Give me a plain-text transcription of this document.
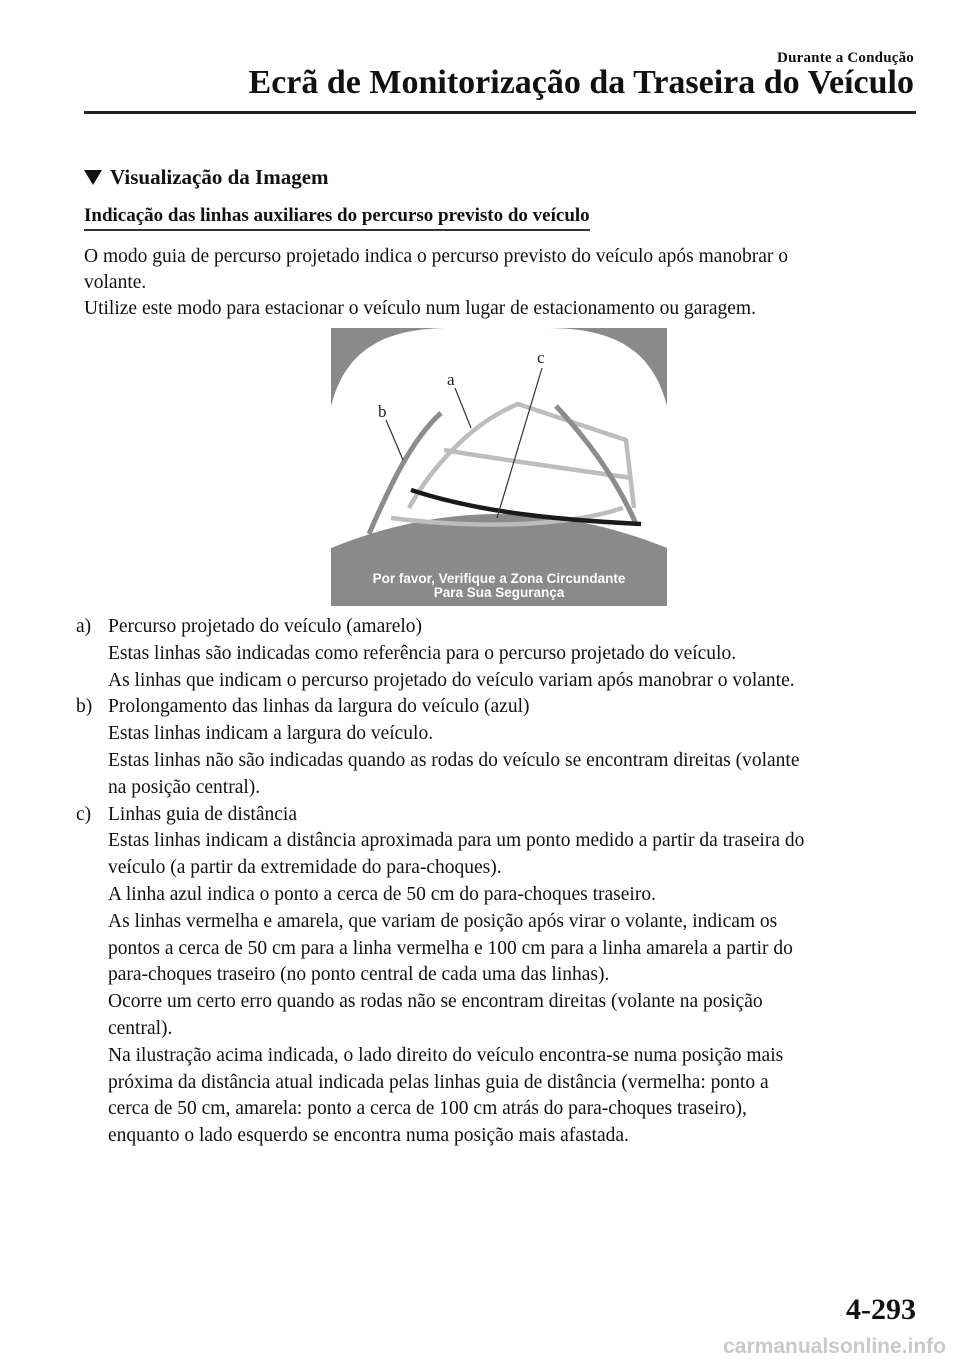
Durante a Condução
Ecrã de Monitorização da Traseira do Veículo
Visualização da Imagem
Indicação das linhas auxiliares do percurso previsto do veículo

O modo guia de percurso projetado indica o percurso previsto do veículo após manobrar o

volante.

Utilize este modo para estacionar o veículo num lugar de estacionamento ou garagem.

a
b
c
Por favor, Verifique a Zona Circundante
Para Sua Segurança
a) Percurso projetado do veículo (amarelo)
Estas linhas são indicadas como referência para o percurso projetado do veículo.
As linhas que indicam o percurso projetado do veículo variam após manobrar o volante.
b) Prolongamento das linhas da largura do veículo (azul)
Estas linhas indicam a largura do veículo.
Estas linhas não são indicadas quando as rodas do veículo se encontram direitas (volante
na posição central).
c) Linhas guia de distância
Estas linhas indicam a distância aproximada para um ponto medido a partir da traseira do
veículo (a partir da extremidade do para-choques).
A linha azul indica o ponto a cerca de 50 cm do para-choques traseiro.
As linhas vermelha e amarela, que variam de posição após virar o volante, indicam os
pontos a cerca de 50 cm para a linha vermelha e 100 cm para a linha amarela a partir do
para-choques traseiro (no ponto central de cada uma das linhas).
Ocorre um certo erro quando as rodas não se encontram direitas (volante na posição
central).
Na ilustração acima indicada, o lado direito do veículo encontra-se numa posição mais
próxima da distância atual indicada pelas linhas guia de distância (vermelha: ponto a
cerca de 50 cm, amarela: ponto a cerca de 100 cm atrás do para-choques traseiro),
enquanto o lado esquerdo se encontra numa posição mais afastada.
4-293
carmanualsonline.info
